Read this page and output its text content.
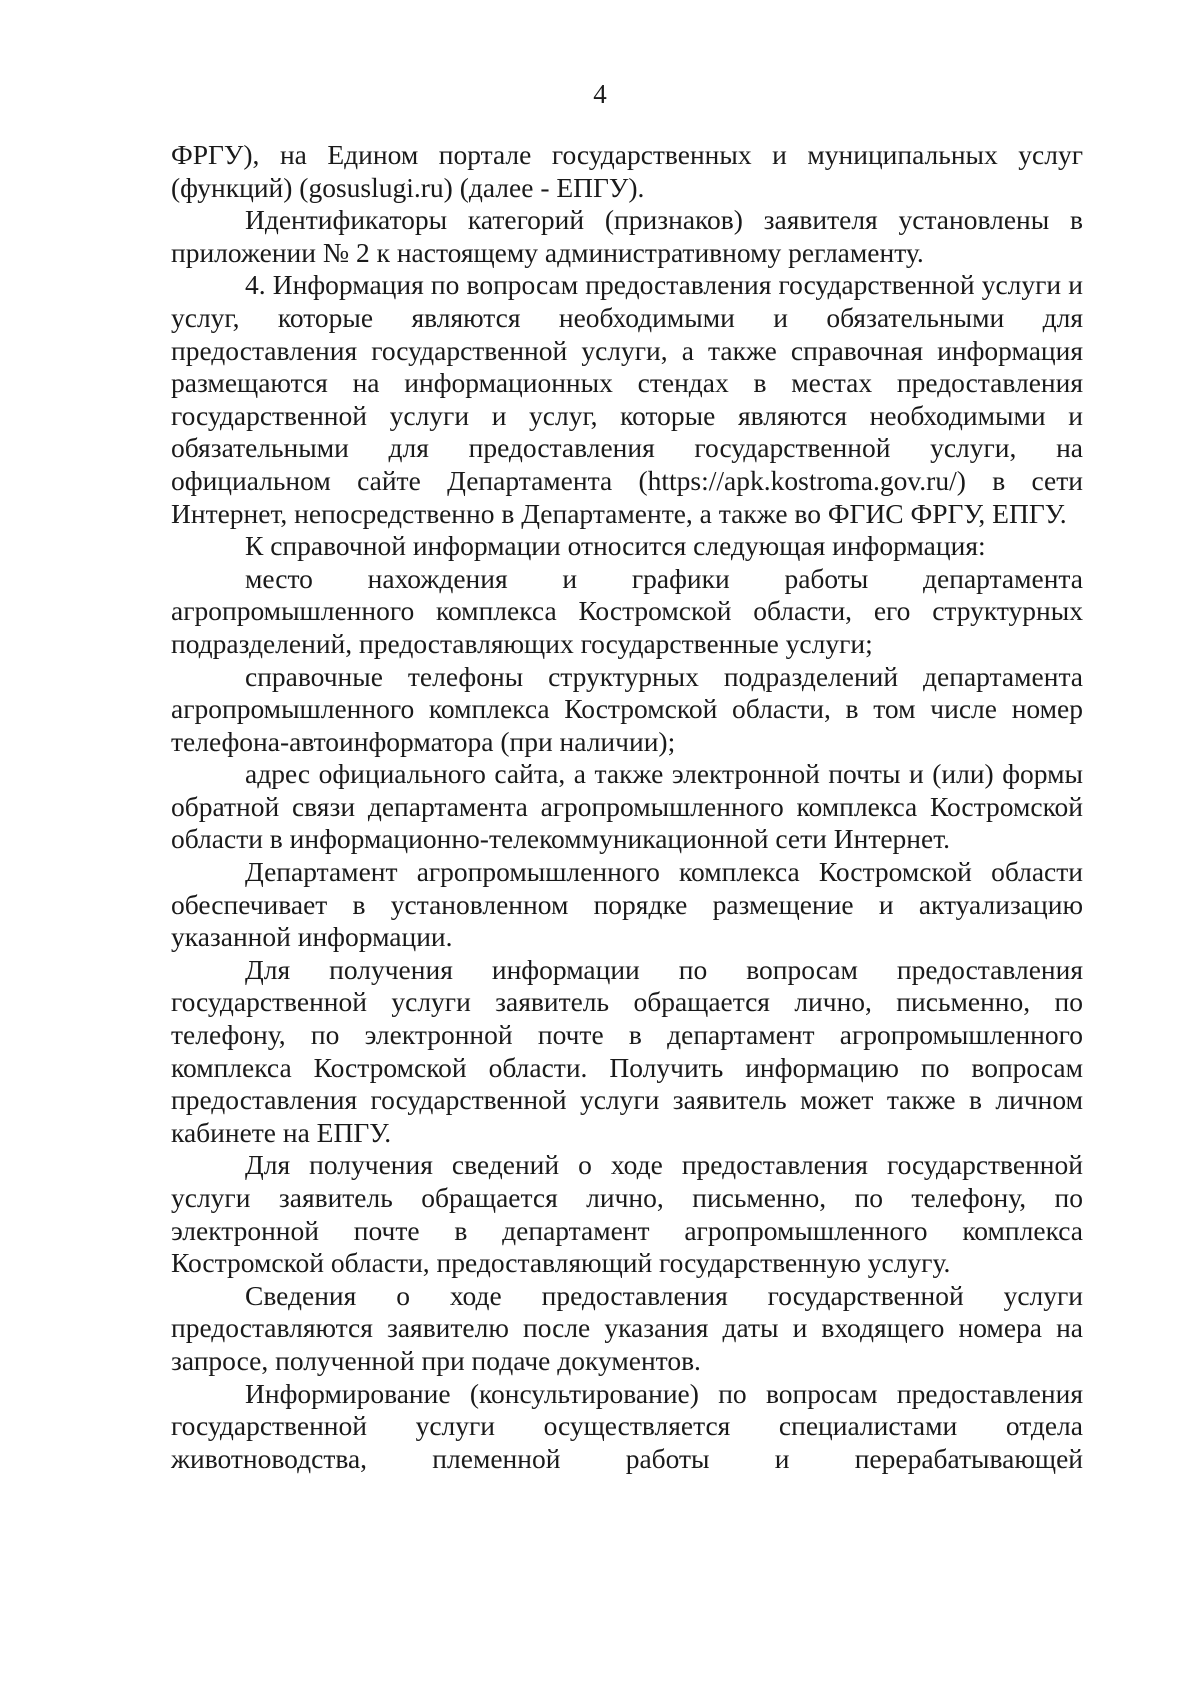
4

ФРГУ), на Едином портале государственных и муниципальных услуг (функций) (gosuslugi.ru) (далее - ЕПГУ).

Идентификаторы категорий (признаков) заявителя установлены в приложении № 2 к настоящему административному регламенту.

4. Информация по вопросам предоставления государственной услуги и услуг, которые являются необходимыми и обязательными для предоставления государственной услуги, а также справочная информация размещаются на информационных стендах в местах предоставления государственной услуги и услуг, которые являются необходимыми и обязательными для предоставления государственной услуги, на официальном сайте Департамента (https://apk.kostroma.gov.ru/) в сети Интернет, непосредственно в Департаменте, а также во ФГИС ФРГУ, ЕПГУ.

К справочной информации относится следующая информация:

место нахождения и графики работы департамента агропромышленного комплекса Костромской области, его структурных подразделений, предоставляющих государственные услуги;

справочные телефоны структурных подразделений департамента агропромышленного комплекса Костромской области, в том числе номер телефона-автоинформатора (при наличии);

адрес официального сайта, а также электронной почты и (или) формы обратной связи департамента агропромышленного комплекса Костромской области в информационно-телекоммуникационной сети Интернет.

Департамент агропромышленного комплекса Костромской области обеспечивает в установленном порядке размещение и актуализацию указанной информации.

Для получения информации по вопросам предоставления государственной услуги заявитель обращается лично, письменно, по телефону, по электронной почте в департамент агропромышленного комплекса Костромской области. Получить информацию по вопросам предоставления государственной услуги заявитель может также в личном кабинете на ЕПГУ.

Для получения сведений о ходе предоставления государственной услуги заявитель обращается лично, письменно, по телефону, по электронной почте в департамент агропромышленного комплекса Костромской области, предоставляющий государственную услугу.

Сведения о ходе предоставления государственной услуги предоставляются заявителю после указания даты и входящего номера на запросе, полученной при подаче документов.

Информирование (консультирование) по вопросам предоставления государственной услуги осуществляется специалистами отдела животноводства, племенной работы и перерабатывающей
